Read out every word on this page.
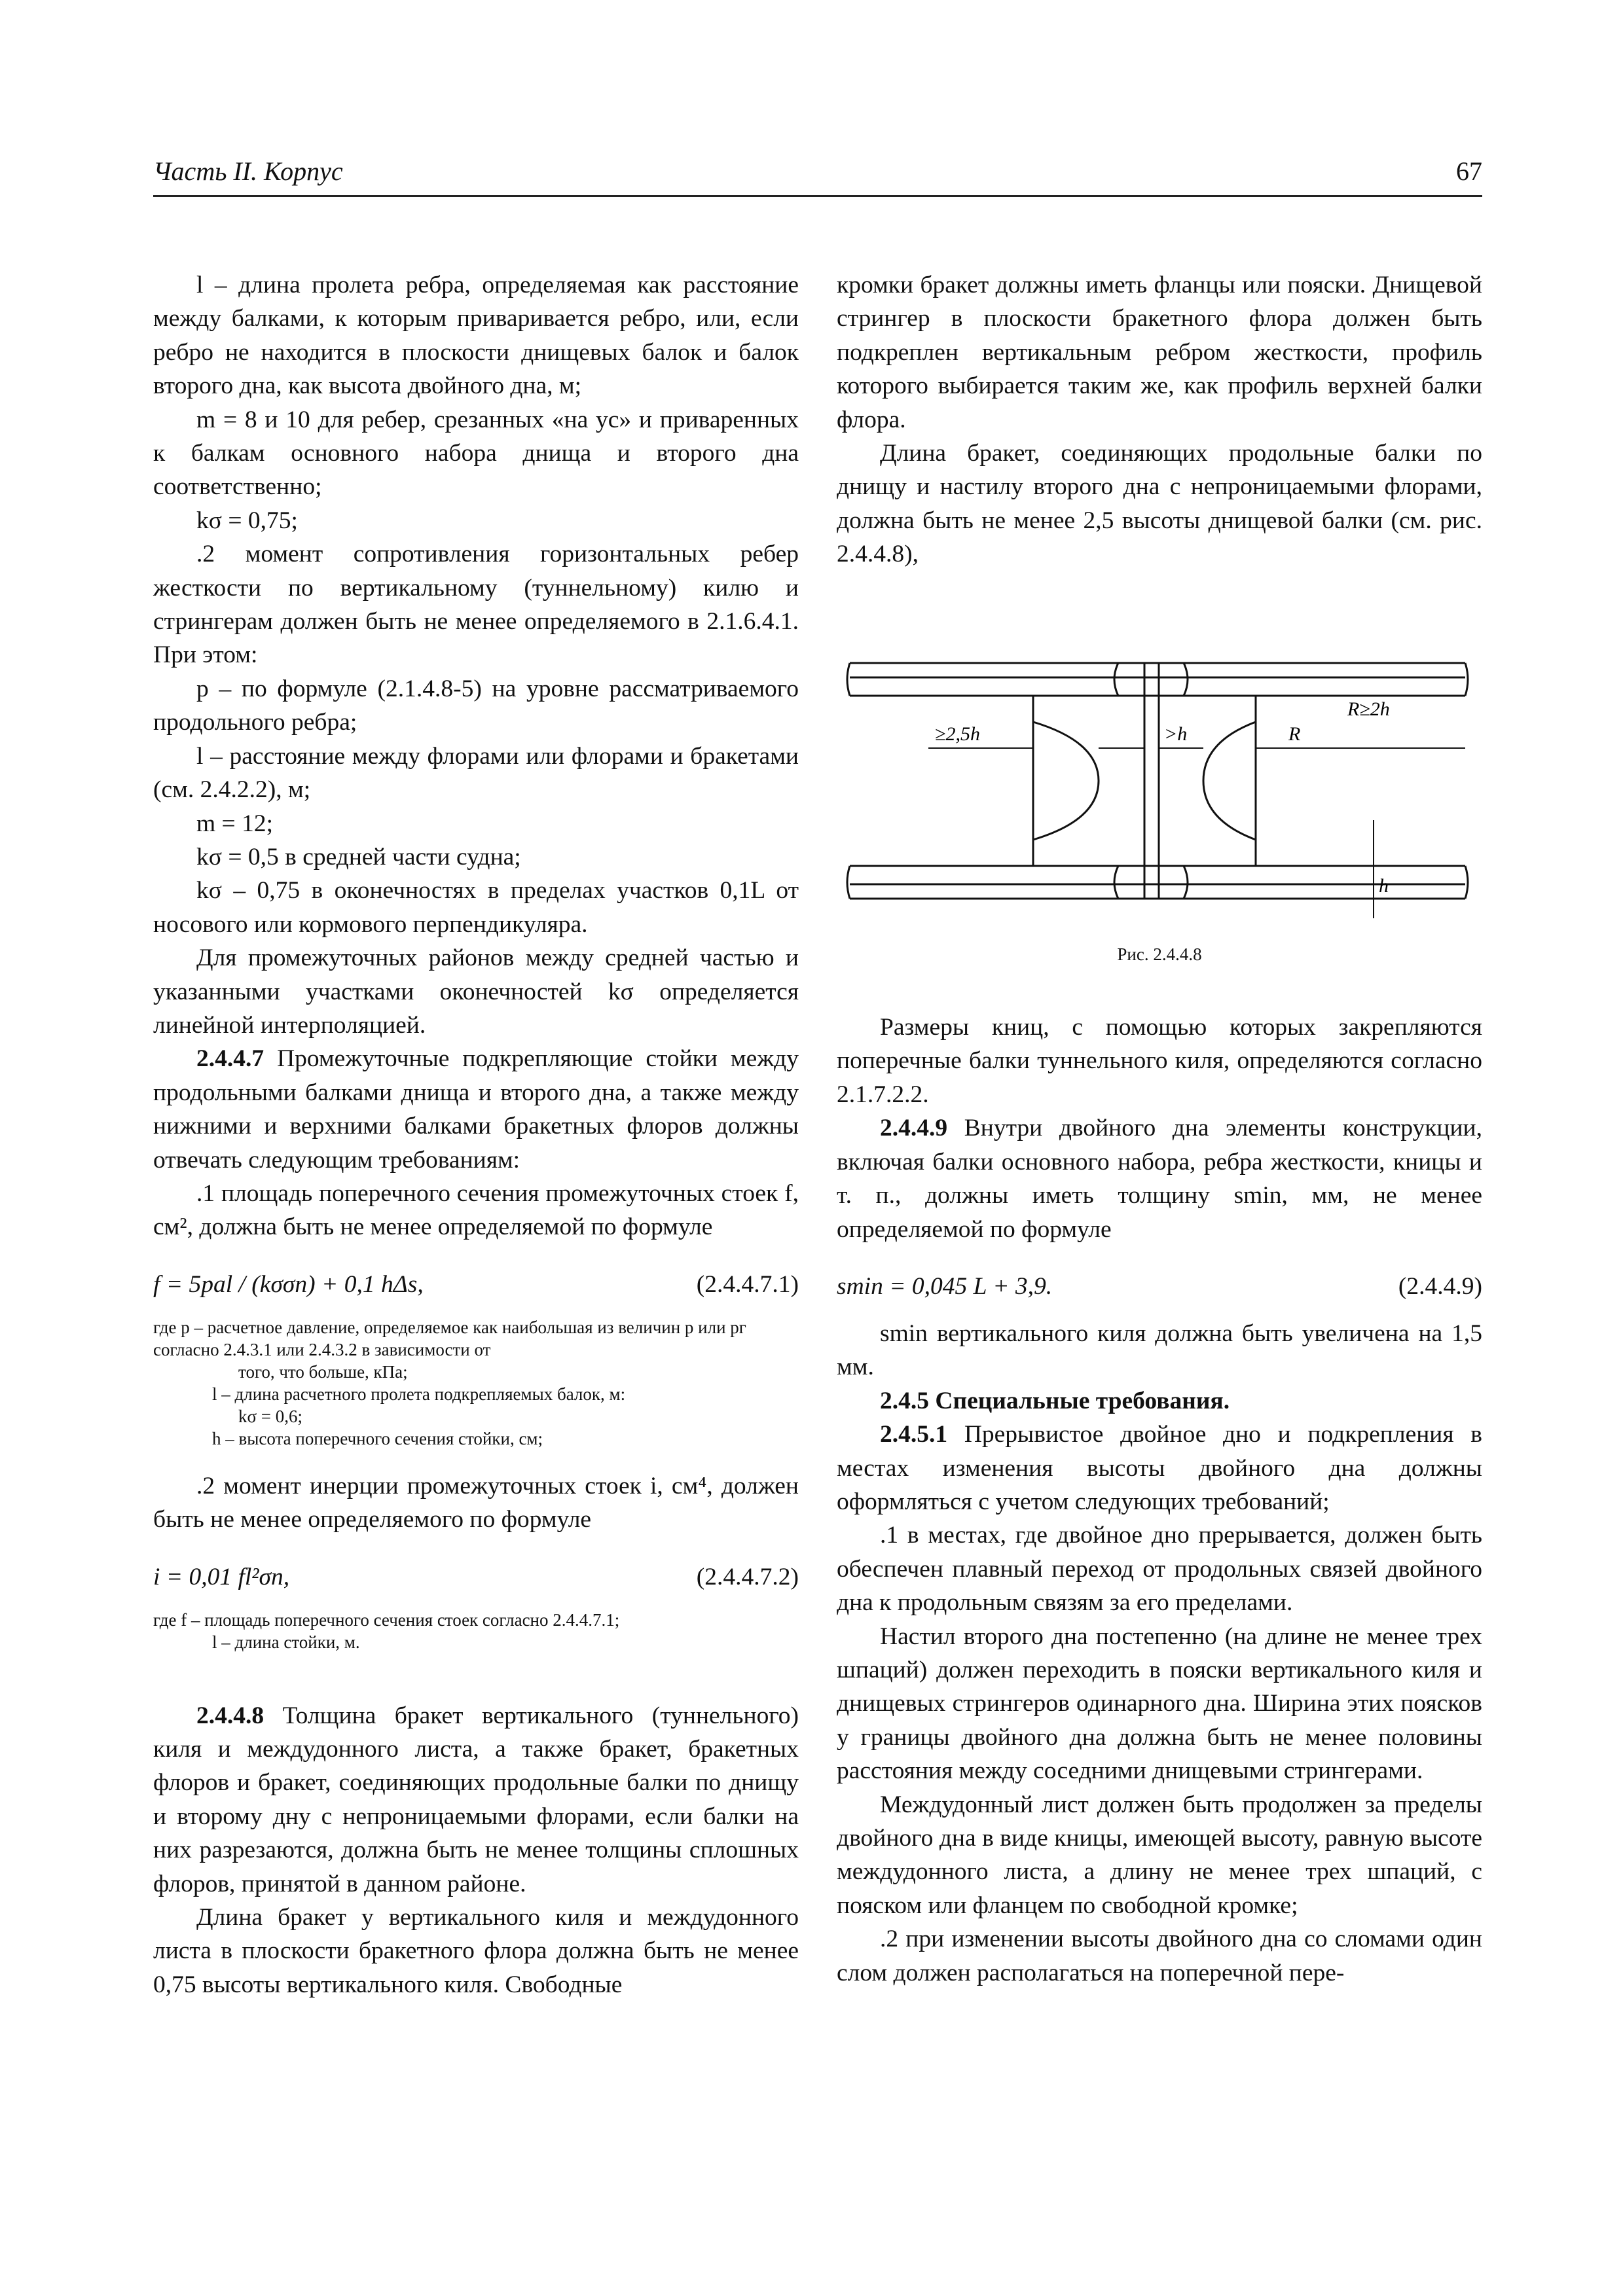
Часть II. Корпус	67

l – длина пролета ребра, определяемая как расстояние между балками, к которым приваривается ребро, или, если ребро не находится в плоскости днищевых балок и балок второго дна, как высота двойного дна, м;

m = 8 и 10 для ребер, срезанных «на ус» и приваренных к балкам основного набора днища и второго дна соответственно;

kσ = 0,75;

.2 момент сопротивления горизонтальных ребер жесткости по вертикальному (туннельному) килю и стрингерам должен быть не менее определяемого в 2.1.6.4.1. При этом:

p – по формуле (2.1.4.8-5) на уровне рассматриваемого продольного ребра;

l – расстояние между флорами или флорами и бракетами (см. 2.4.2.2), м;

m = 12;

kσ = 0,5 в средней части судна;

kσ – 0,75 в оконечностях в пределах участков 0,1L от носового или кормового перпендикуляра.

Для промежуточных районов между средней частью и указанными участками оконечностей kσ определяется линейной интерполяцией.

2.4.4.7 Промежуточные подкрепляющие стойки между продольными балками днища и второго дна, а также между нижними и верхними балками бракетных флоров должны отвечать следующим требованиям:

.1 площадь поперечного сечения промежуточных стоек f, см², должна быть не менее определяемой по формуле

f = 5pal / (kσσn) + 0,1 hΔs,	(2.4.4.7.1)
где p – расчетное давление, определяемое как наибольшая из величин p или pг согласно 2.4.3.1 или 2.4.3.2 в зависимости от
того, что больше, кПа;
l – длина расчетного пролета подкрепляемых балок, м:
kσ = 0,6;
h – высота поперечного сечения стойки, см;

.2 момент инерции промежуточных стоек i, см⁴, должен быть не менее определяемого по формуле

i = 0,01 fl²σn,	(2.4.4.7.2)
где f – площадь поперечного сечения стоек согласно 2.4.4.7.1;
l – длина стойки, м.

2.4.4.8 Толщина бракет вертикального (туннельного) киля и междудонного листа, а также бракет, бракетных флоров и бракет, соединяющих продольные балки по днищу и второму дну с непроницаемыми флорами, если балки на них разрезаются, должна быть не менее толщины сплошных флоров, принятой в данном районе.

Длина бракет у вертикального киля и междудонного листа в плоскости бракетного флора должна быть не менее 0,75 высоты вертикального киля. Свободные

кромки бракет должны иметь фланцы или пояски. Днищевой стрингер в плоскости бракетного флора должен быть подкреплен вертикальным ребром жесткости, профиль которого выбирается таким же, как профиль верхней балки флора.

Длина бракет, соединяющих продольные балки по днищу и настилу второго дна с непроницаемыми флорами, должна быть не менее 2,5 высоты днищевой балки (см. рис. 2.4.4.8),

≥2,5h	>h	R
R≥2h
h

Рис. 2.4.4.8

Размеры книц, с помощью которых закрепляются поперечные балки туннельного киля, определяются согласно 2.1.7.2.2.

2.4.4.9 Внутри двойного дна элементы конструкции, включая балки основного набора, ребра жесткости, кницы и т. п., должны иметь толщину smin, мм, не менее определяемой по формуле

smin = 0,045 L + 3,9.	(2.4.4.9)

smin вертикального киля должна быть увеличена на 1,5 мм.

2.4.5 Специальные требования.

2.4.5.1 Прерывистое двойное дно и подкрепления в местах изменения высоты двойного дна должны оформляться с учетом следующих требований;

.1 в местах, где двойное дно прерывается, должен быть обеспечен плавный переход от продольных связей двойного дна к продольным связям за его пределами.

Настил второго дна постепенно (на длине не менее трех шпаций) должен переходить в пояски вертикального киля и днищевых стрингеров одинарного дна. Ширина этих поясков у границы двойного дна должна быть не менее половины расстояния между соседними днищевыми стрингерами.

Междудонный лист должен быть продолжен за пределы двойного дна в виде кницы, имеющей высоту, равную высоте междудонного листа, а длину не менее трех шпаций, с пояском или фланцем по свободной кромке;

.2 при изменении высоты двойного дна со сломами один слом должен располагаться на поперечной пере-
